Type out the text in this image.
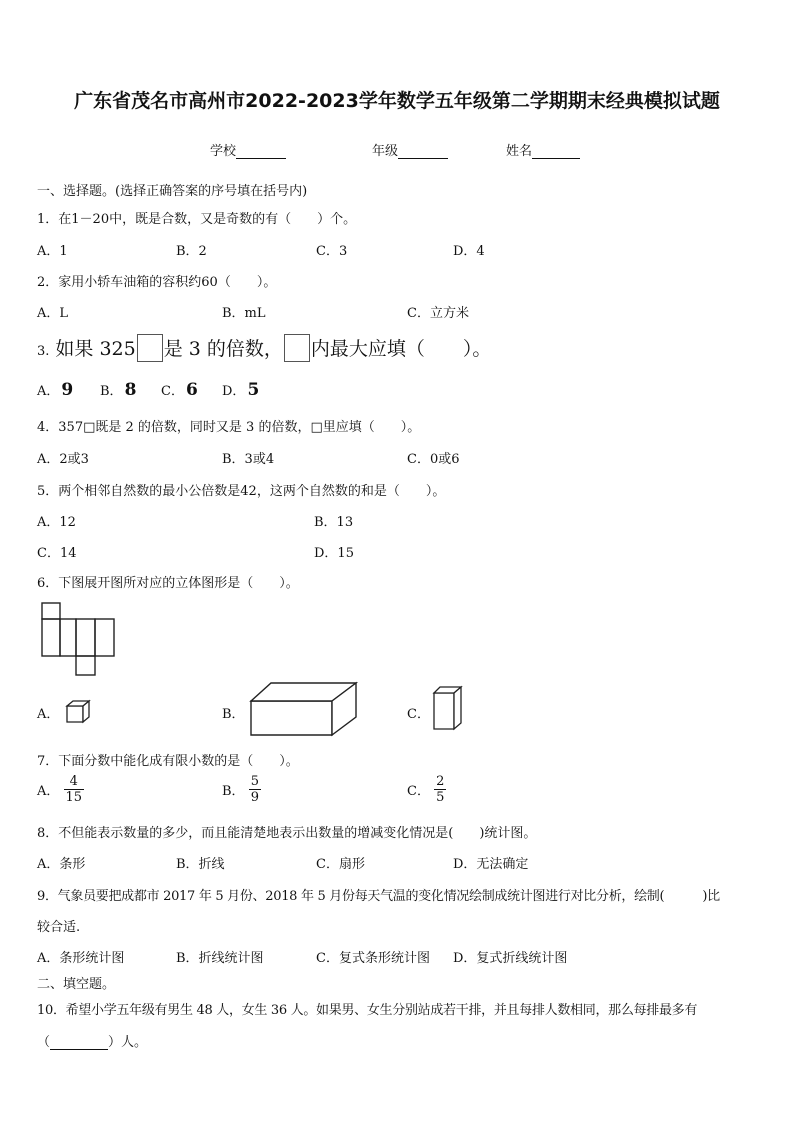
广东省茂名市高州市2022-2023学年数学五年级第二学期期末经典模拟试题
学校	年级	姓名
一、选择题。(选择正确答案的序号填在括号内)
1．在1－20中，既是合数，又是奇数的有（　　）个。
A．1	B．2	C．3	D．4
2．家用小轿车油箱的容积约60（　　）。
A．L	B．mL	C．立方米
3. 如果 325 是 3 的倍数， 内最大应填（　　）。
A． 9 B． 8 C． 6 D． 5
4．357□既是 2 的倍数，同时又是 3 的倍数，□里应填（　　）。
A．2或3	B．3或4	C．0或6
5．两个相邻自然数的最小公倍数是42，这两个自然数的和是（　　）。
A．12	B．13
C．14	D．15
6．下图展开图所对应的立体图形是（　　）。
A．	B．	C．
7．下面分数中能化成有限小数的是（　　）。
A． $\frac{4}{15}$	B． $\frac{5}{9}$	C． $\frac{2}{5}$
8．不但能表示数量的多少，而且能清楚地表示出数量的增减变化情况是(　　)统计图。
A．条形	B．折线	C．扇形	D．无法确定
9．气象员要把成都市 2017 年 5 月份、2018 年 5 月份每天气温的变化情况绘制成统计图进行对比分析，绘制(　　　)比
较合适.
A．条形统计图	B．折线统计图	C．复式条形统计图 D．复式折线统计图
二、填空题。
10．希望小学五年级有男生 48 人，女生 36 人。如果男、女生分别站成若干排，并且每排人数相同，那么每排最多有
（	）人。
